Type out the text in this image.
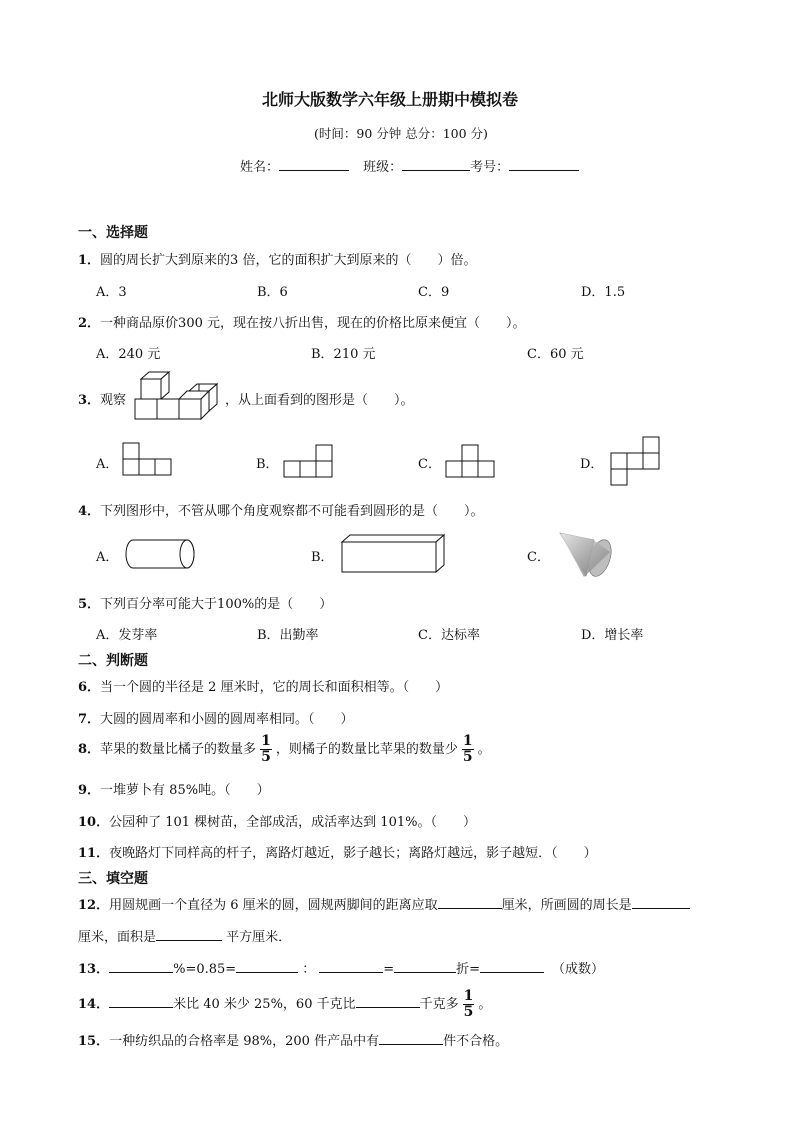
北师大版数学六年级上册期中模拟卷
(时间：90 分钟 总分：100 分)
姓名：	班级：	考号：
一、选择题
1．圆的周长扩大到原来的3 倍，它的面积扩大到原来的（　　）倍。
A．3	B．6	C．9	D．1.5
2．一种商品原价300 元，现在按八折出售，现在的价格比原来便宜（　　）。
A．240 元	B．210 元	C．60 元
3．观察	，从上面看到的图形是（　　）。
A．	B．	C．	D．
4．下列图形中，不管从哪个角度观察都不可能看到圆形的是（　　）。
A．	B．	C．
5．下列百分率可能大于100%的是（　　）
A．发芽率	B．出勤率	C．达标率	D．增长率
二、判断题
6．当一个圆的半径是 2 厘米时，它的周长和面积相等。（　　）
7．大圆的圆周率和小圆的圆周率相同。（　　）
8．苹果的数量比橘子的数量多 $\frac{1}{5}$ ，则橘子的数量比苹果的数量少 $\frac{1}{5}$ 。
9．一堆萝卜有 85%吨。（　　）
10．公园种了 101 棵树苗，全部成活，成活率达到 101%。（　　）
11．夜晚路灯下同样高的杆子，离路灯越近，影子越长；离路灯越远，影子越短．（　　）
三、填空题
12．用圆规画一个直径为 6 厘米的圆，圆规两脚间的距离应取	厘米，所画圆的周长是
厘米，面积是	平方厘米．
13．	%=0.85=	：	=	折=	（成数）
14．	米比 40 米少 25%，60 千克比	千克多 $\frac{1}{5}$ 。
15．一种纺织品的合格率是 98%，200 件产品中有	件不合格。
